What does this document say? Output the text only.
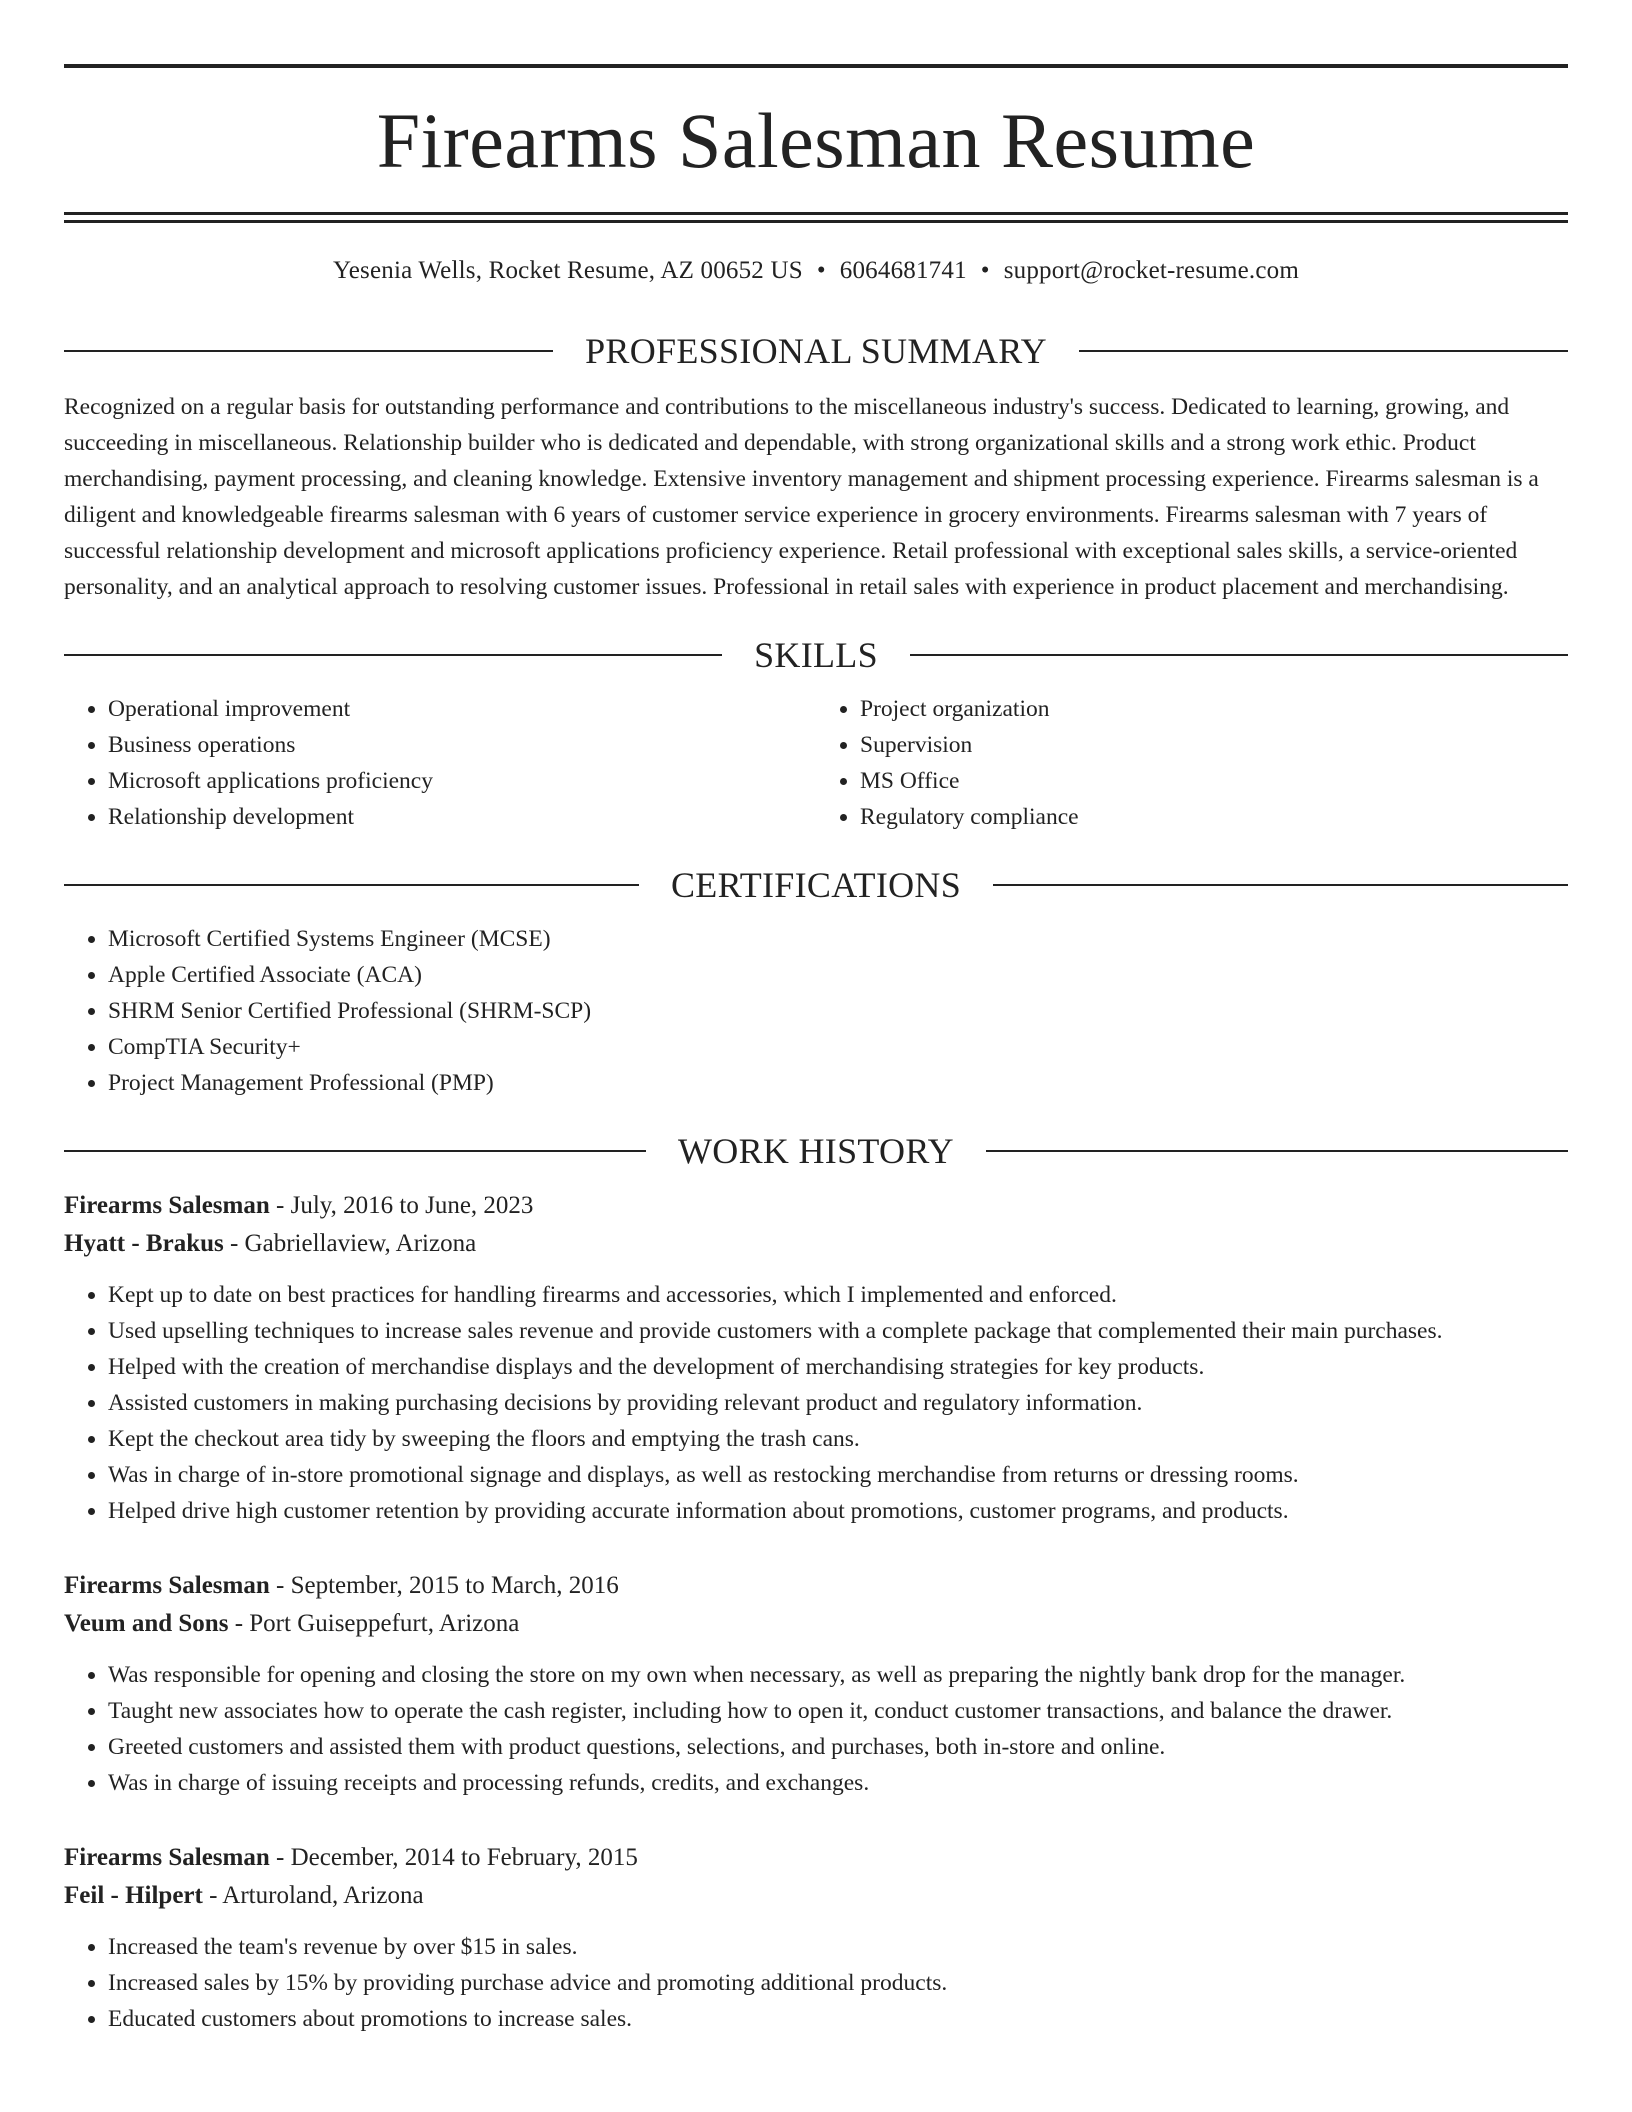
Firearms Salesman Resume
Yesenia Wells, Rocket Resume, AZ 00652 US • 6064681741 • support@rocket-resume.com
PROFESSIONAL SUMMARY

Recognized on a regular basis for outstanding performance and contributions to the miscellaneous industry's success. Dedicated to learning, growing, and succeeding in miscellaneous. Relationship builder who is dedicated and dependable, with strong organizational skills and a strong work ethic. Product merchandising, payment processing, and cleaning knowledge. Extensive inventory management and shipment processing experience. Firearms salesman is a diligent and knowledgeable firearms salesman with 6 years of customer service experience in grocery environments. Firearms salesman with 7 years of successful relationship development and microsoft applications proficiency experience. Retail professional with exceptional sales skills, a service-oriented personality, and an analytical approach to resolving customer issues. Professional in retail sales with experience in product placement and merchandising.

SKILLS
• Operational improvement
• Business operations
• Microsoft applications proficiency
• Relationship development
• Project organization
• Supervision
• MS Office
• Regulatory compliance
CERTIFICATIONS
• Microsoft Certified Systems Engineer (MCSE)
• Apple Certified Associate (ACA)
• SHRM Senior Certified Professional (SHRM-SCP)
• CompTIA Security+
• Project Management Professional (PMP)
WORK HISTORY
Firearms Salesman - July, 2016 to June, 2023
Hyatt - Brakus - Gabriellaview, Arizona
• Kept up to date on best practices for handling firearms and accessories, which I implemented and enforced.
• Used upselling techniques to increase sales revenue and provide customers with a complete package that complemented their main purchases.
• Helped with the creation of merchandise displays and the development of merchandising strategies for key products.
• Assisted customers in making purchasing decisions by providing relevant product and regulatory information.
• Kept the checkout area tidy by sweeping the floors and emptying the trash cans.
• Was in charge of in-store promotional signage and displays, as well as restocking merchandise from returns or dressing rooms.
• Helped drive high customer retention by providing accurate information about promotions, customer programs, and products.
Firearms Salesman - September, 2015 to March, 2016
Veum and Sons - Port Guiseppefurt, Arizona
• Was responsible for opening and closing the store on my own when necessary, as well as preparing the nightly bank drop for the manager.
• Taught new associates how to operate the cash register, including how to open it, conduct customer transactions, and balance the drawer.
• Greeted customers and assisted them with product questions, selections, and purchases, both in-store and online.
• Was in charge of issuing receipts and processing refunds, credits, and exchanges.
Firearms Salesman - December, 2014 to February, 2015
Feil - Hilpert - Arturoland, Arizona
• Increased the team's revenue by over $15 in sales.
• Increased sales by 15% by providing purchase advice and promoting additional products.
• Educated customers about promotions to increase sales.
